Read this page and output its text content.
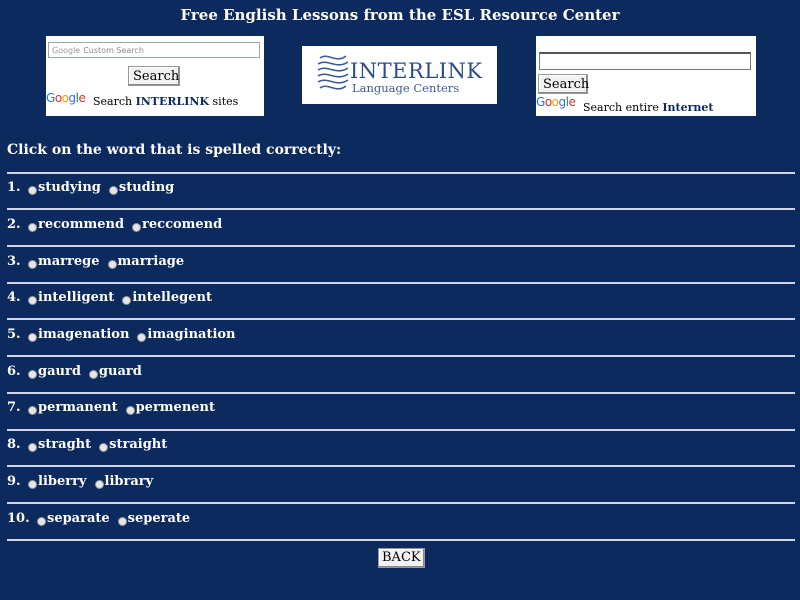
Free English Lessons from the ESL Resource Center
Google Custom Search
Search
Google Search INTERLINK sites
INTERLINK
Language Centers	Search
Google Search entire Internet
Click on the word that is spelled correctly:
1.	studying studing
2.	recommend reccomend
3.	marrege marriage
4.	intelligent intellegent
5.	imagenation imagination
6.	gaurd guard
7.	permanent permenent
8.	straght straight
9.	liberry library
10.	separate seperate
BACK
